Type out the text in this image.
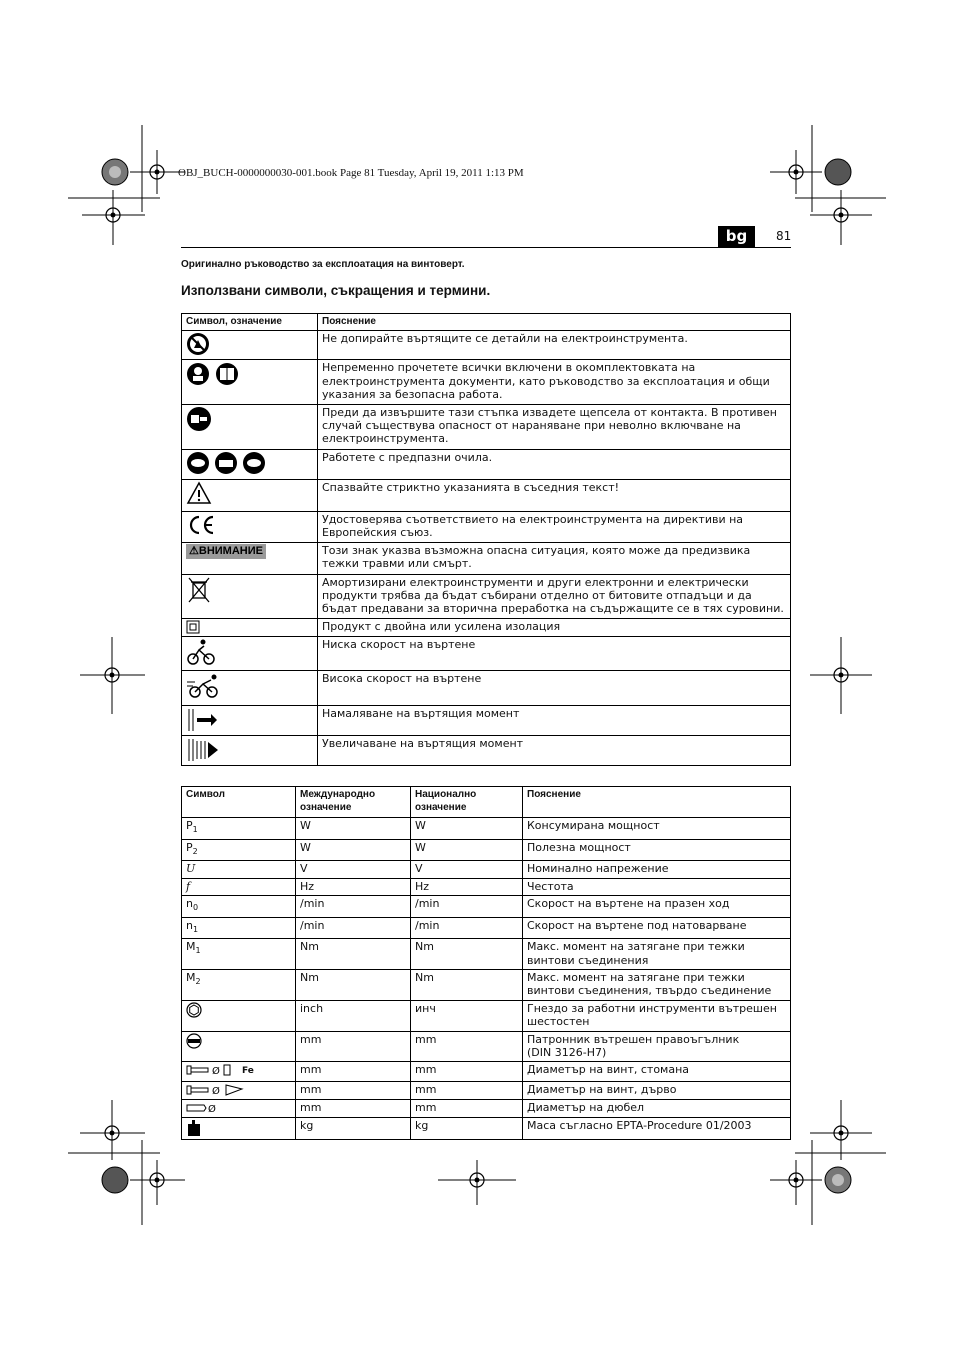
OBJ_BUCH-0000000030-001.book Page 81 Tuesday, April 19, 2011 1:13 PM
bg	81
Оригинално ръководство за експлоатация на винтоверт.
Използвани символи, съкращения и термини.
Символ, означение	Пояснение
	Не допирайте въртящите се детайли на електроинструмента.
	Непременно прочетете всички включени в окомплектовката на електроинструмента документи, като ръководство за експлоатация и общи указания за безопасна работа.
	Преди да извършите тази стъпка извадете щепсела от контакта. В противен случай съществува опасност от нараняване при неволно включване на електроинструмента.
	Работете с предпазни очила.
	Спазвайте стриктно указанията в съседния текст!
	Удостоверява съответствието на електроинструмента на директиви на Европейския съюз.
⚠ВНИМАНИЕ	Този знак указва възможна опасна ситуация, която може да предизвика тежки травми или смърт.
	Амортизирани електроинструменти и други електронни и електрически продукти трябва да бъдат събирани отделно от битовите отпадъци и да бъдат предавани за вторична преработка на съдържащите се в тях суровини.
	Продукт с двойна или усилена изолация
	Ниска скорост на въртене
	Висока скорост на въртене
	Намаляване на въртящия момент
	Увеличаване на въртящия момент
Символ	Международно означение	Национално означение	Пояснение
$P_1$	W	W	Консумирана мощност
$P_2$	W	W	Полезна мощност
U	V	V	Номинално напрежение
f	Hz	Hz	Честота
$n_0$	/min	/min	Скорост на въртене на празен ход
$n_1$	/min	/min	Скорост на въртене под натоварване
$M_1$	Nm	Nm	Макс. момент на затягане при тежки винтови съединения
$M_2$	Nm	Nm	Макс. момент на затягане при тежки винтови съединения, твърдо съединение
	inch	инч	Гнездо за работни инструменти вътрешен шестостен
	mm	mm	Патронник вътрешен правоъгълник
(DIN 3126-H7)

Ø Fe	mm	mm	Диаметър на винт, стомана

Ø	mm	mm	Диаметър на винт, дърво

Ø	mm	mm	Диаметър на дюбел
	kg	kg	Маса съгласно EPTA-Procedure 01/2003
